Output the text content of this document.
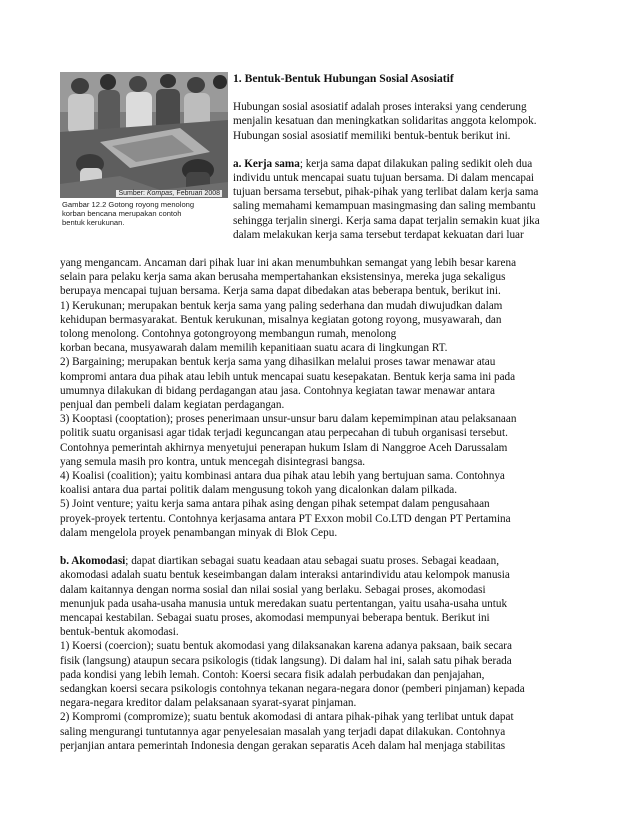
Sumber: Kompas, Februari 2008
Gambar 12.2 Gotong royong menolong
korban bencana merupakan contoh
bentuk kerukunan.
1. Bentuk-Bentuk Hubungan Sosial Asosiatif
Hubungan sosial asosiatif adalah proses interaksi yang cenderung
menjalin kesatuan dan meningkatkan solidaritas anggota kelompok.
Hubungan sosial asosiatif memiliki bentuk-bentuk berikut ini.
a. Kerja sama; kerja sama dapat dilakukan paling sedikit oleh dua
individu untuk mencapai suatu tujuan bersama. Di dalam mencapai
tujuan bersama tersebut, pihak-pihak yang terlibat dalam kerja sama
saling memahami kemampuan masingmasing dan saling membantu
sehingga terjalin sinergi. Kerja sama dapat terjalin semakin kuat jika
dalam melakukan kerja sama tersebut terdapat kekuatan dari luar
yang mengancam. Ancaman dari pihak luar ini akan menumbuhkan semangat yang lebih besar karena
selain para pelaku kerja sama akan berusaha mempertahankan eksistensinya, mereka juga sekaligus
berupaya mencapai tujuan bersama. Kerja sama dapat dibedakan atas beberapa bentuk, berikut ini.
1) Kerukunan; merupakan bentuk kerja sama yang paling sederhana dan mudah diwujudkan dalam
kehidupan bermasyarakat. Bentuk kerukunan, misalnya kegiatan gotong royong, musyawarah, dan
tolong menolong. Contohnya gotongroyong membangun rumah, menolong
korban becana, musyawarah dalam memilih kepanitiaan suatu acara di lingkungan RT.
2) Bargaining; merupakan bentuk kerja sama yang dihasilkan melalui proses tawar menawar atau
kompromi antara dua pihak atau lebih untuk mencapai suatu kesepakatan. Bentuk kerja sama ini pada
umumnya dilakukan di bidang perdagangan atau jasa. Contohnya kegiatan tawar menawar antara
penjual dan pembeli dalam kegiatan perdagangan.
3) Kooptasi (cooptation); proses penerimaan unsur-unsur baru dalam kepemimpinan atau pelaksanaan
politik suatu organisasi agar tidak terjadi keguncangan atau perpecahan di tubuh organisasi tersebut.
Contohnya pemerintah akhirnya menyetujui penerapan hukum Islam di Nanggroe Aceh Darussalam
yang semula masih pro kontra, untuk mencegah disintegrasi bangsa.
4) Koalisi (coalition); yaitu kombinasi antara dua pihak atau lebih yang bertujuan sama. Contohnya
koalisi antara dua partai politik dalam mengusung tokoh yang dicalonkan dalam pilkada.
5) Joint venture; yaitu kerja sama antara pihak asing dengan pihak setempat dalam pengusahaan
proyek-proyek tertentu. Contohnya kerjasama antara PT Exxon mobil Co.LTD dengan PT Pertamina
dalam mengelola proyek penambangan minyak di Blok Cepu.
b. Akomodasi; dapat diartikan sebagai suatu keadaan atau sebagai suatu proses. Sebagai keadaan,
akomodasi adalah suatu bentuk keseimbangan dalam interaksi antarindividu atau kelompok manusia
dalam kaitannya dengan norma sosial dan nilai sosial yang berlaku. Sebagai proses, akomodasi
menunjuk pada usaha-usaha manusia untuk meredakan suatu pertentangan, yaitu usaha-usaha untuk
mencapai kestabilan. Sebagai suatu proses, akomodasi mempunyai beberapa bentuk. Berikut ini
bentuk-bentuk akomodasi.
1) Koersi (coercion); suatu bentuk akomodasi yang dilaksanakan karena adanya paksaan, baik secara
fisik (langsung) ataupun secara psikologis (tidak langsung). Di dalam hal ini, salah satu pihak berada
pada kondisi yang lebih lemah. Contoh: Koersi secara fisik adalah perbudakan dan penjajahan,
sedangkan koersi secara psikologis contohnya tekanan negara-negara donor (pemberi pinjaman) kepada
negara-negara kreditor dalam pelaksanaan syarat-syarat pinjaman.
2) Kompromi (compromize); suatu bentuk akomodasi di antara pihak-pihak yang terlibat untuk dapat
saling mengurangi tuntutannya agar penyelesaian masalah yang terjadi dapat dilakukan. Contohnya
perjanjian antara pemerintah Indonesia dengan gerakan separatis Aceh dalam hal menjaga stabilitas
